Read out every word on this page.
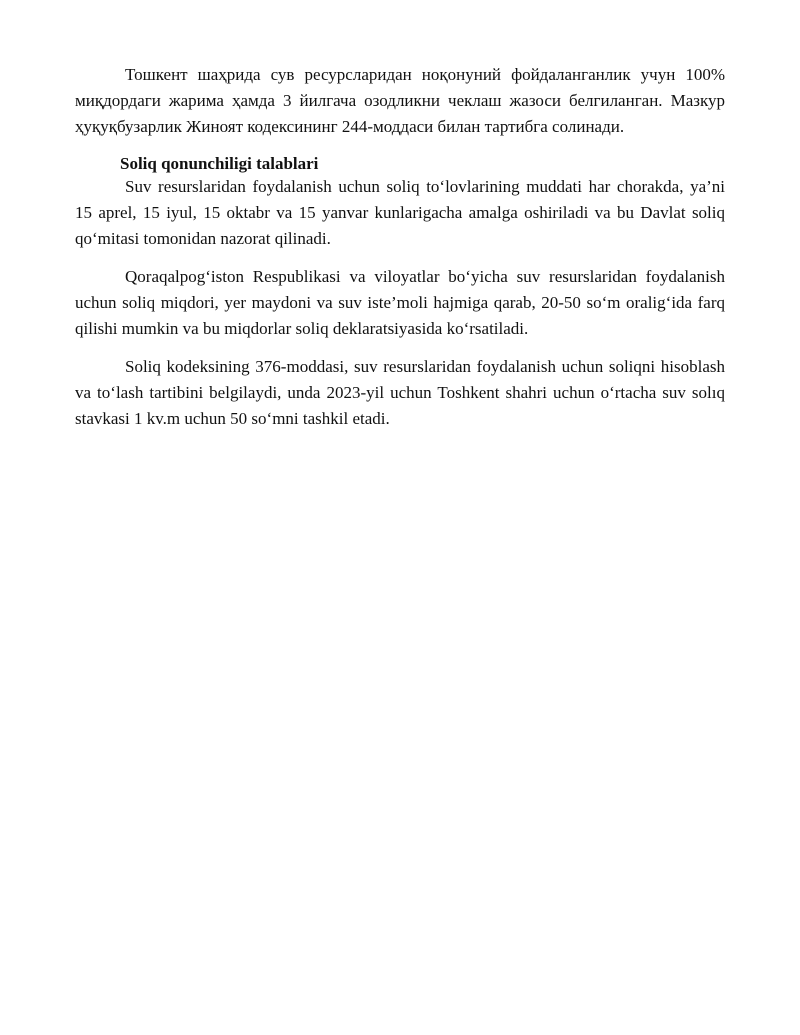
Тошкент шаҳрида сув ресурсларидан ноқонуний фойдаланганлик учун 100% миқдордаги жарима ҳамда 3 йилгача озодликни чеклаш жазоси белгиланган. Мазкур ҳуқуқбузарлик Жиноят кодексининг 244-моддаси билан тартибга солинади.

Soliq qonunchiligi talablari

Suv resurslaridan foydalanish uchun soliq to‘lovlarining muddati har chorakda, ya’ni 15 aprel, 15 iyul, 15 oktabr va 15 yanvar kunlarigacha amalga oshiriladi va bu Davlat soliq qo‘mitasi tomonidan nazorat qilinadi.

Qoraqalpog‘iston Respublikasi va viloyatlar bo‘yicha suv resurslaridan foydalanish uchun soliq miqdori, yer maydoni va suv iste’moli hajmiga qarab, 20-50 so‘m oralig‘ida farq qilishi mumkin va bu miqdorlar soliq deklaratsiyasida ko‘rsatiladi.

Soliq kodeksining 376-moddasi, suv resurslaridan foydalanish uchun soliqni hisoblash va to‘lash tartibini belgilaydi, unda 2023-yil uchun Toshkent shahri uchun o‘rtacha suv solıq stavkasi 1 kv.m uchun 50 so‘mni tashkil etadi.
